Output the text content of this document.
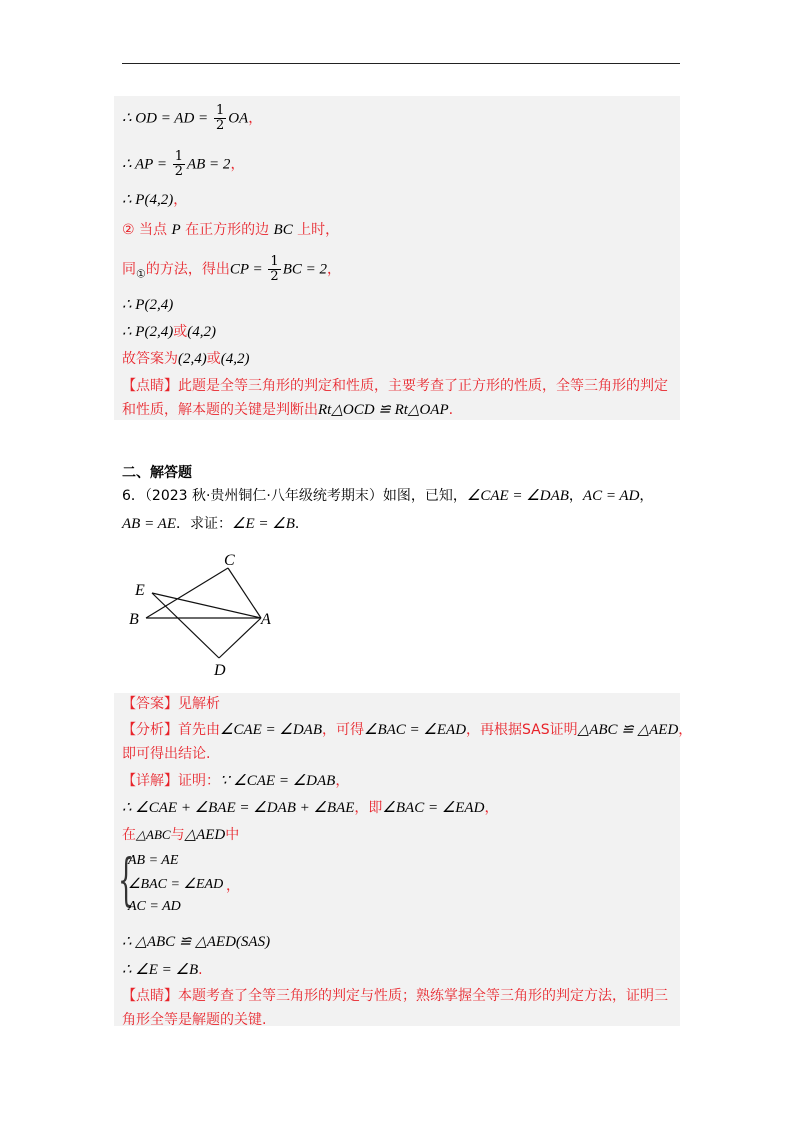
∴ OD = AD = $\frac{1}{2}$ OA，
∴ AP = $\frac{1}{2}$ AB = 2，
∴ P(4,2)，
② 当点 P 在正方形的边 BC 上时，
同$_①$的方法，得出CP = $\frac{1}{2}$ BC = 2，
∴ P(2,4)
∴ P(2,4)或(4,2)
故答案为(2,4)或(4,2)
【点睛】此题是全等三角形的判定和性质，主要考查了正方形的性质，全等三角形的判定
和性质，解本题的关键是判断出Rt△OCD ≌ Rt△OAP.
二、解答题
6．（2023 秋·贵州铜仁·八年级统考期末）如图，已知，∠CAE = ∠DAB，AC = AD，
AB = AE．求证：∠E = ∠B．
C
E
B	A
D
【答案】见解析
【分析】首先由∠CAE = ∠DAB，可得∠BAC = ∠EAD，再根据SAS证明△ABC ≌ △AED，
即可得出结论.
【详解】证明：∵ ∠CAE = ∠DAB，
∴ ∠CAE + ∠BAE = ∠DAB + ∠BAE，即∠BAC = ∠EAD，
在△ABC与△AED中
{
AB = AE
∠BAC = ∠EAD
AC = AD
，
∴ △ABC ≌ △AED(SAS)
∴ ∠E = ∠B.
【点睛】本题考查了全等三角形的判定与性质；熟练掌握全等三角形的判定方法，证明三
角形全等是解题的关键.
